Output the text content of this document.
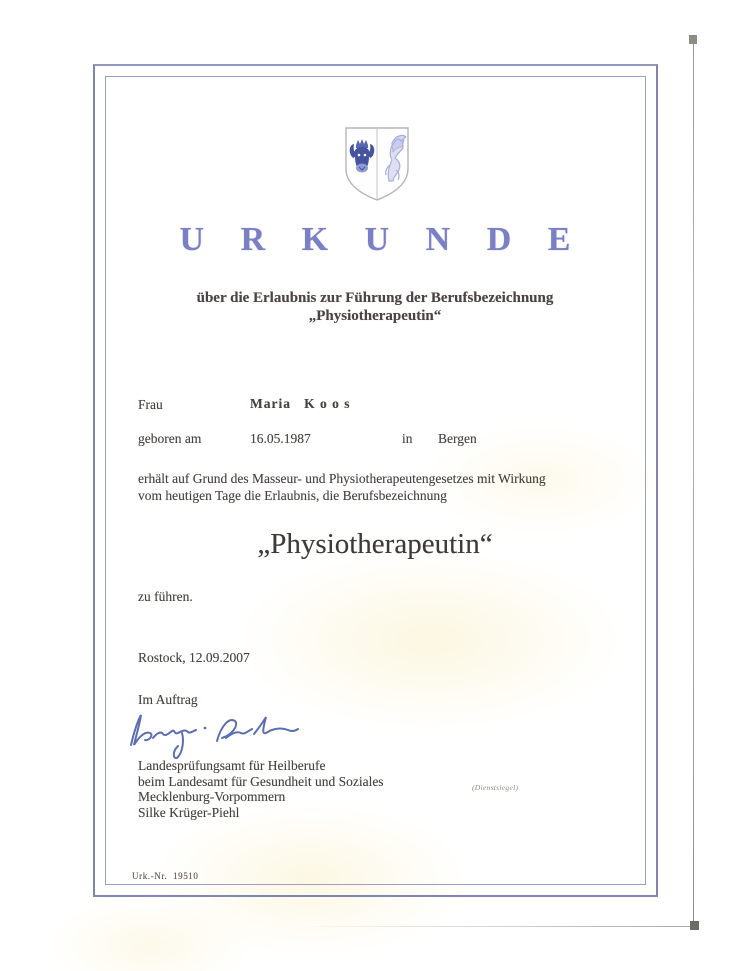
U R K U N D E
über die Erlaubnis zur Führung der Berufsbezeichnung
„Physiotherapeutin“
Frau	Maria   K o o s
geboren am	16.05.1987	in Bergen
erhält auf Grund des Masseur- und Physiotherapeutengesetzes mit Wirkung
vom heutigen Tage die Erlaubnis, die Berufsbezeichnung
„Physiotherapeutin“
zu führen.
Rostock, 12.09.2007
Im Auftrag
Landesprüfungsamt für Heilberufe
beim Landesamt für Gesundheit und Soziales
Mecklenburg-Vorpommern
Silke Krüger-Piehl
(Dienstsiegel)
Urk.-Nr.  19510
